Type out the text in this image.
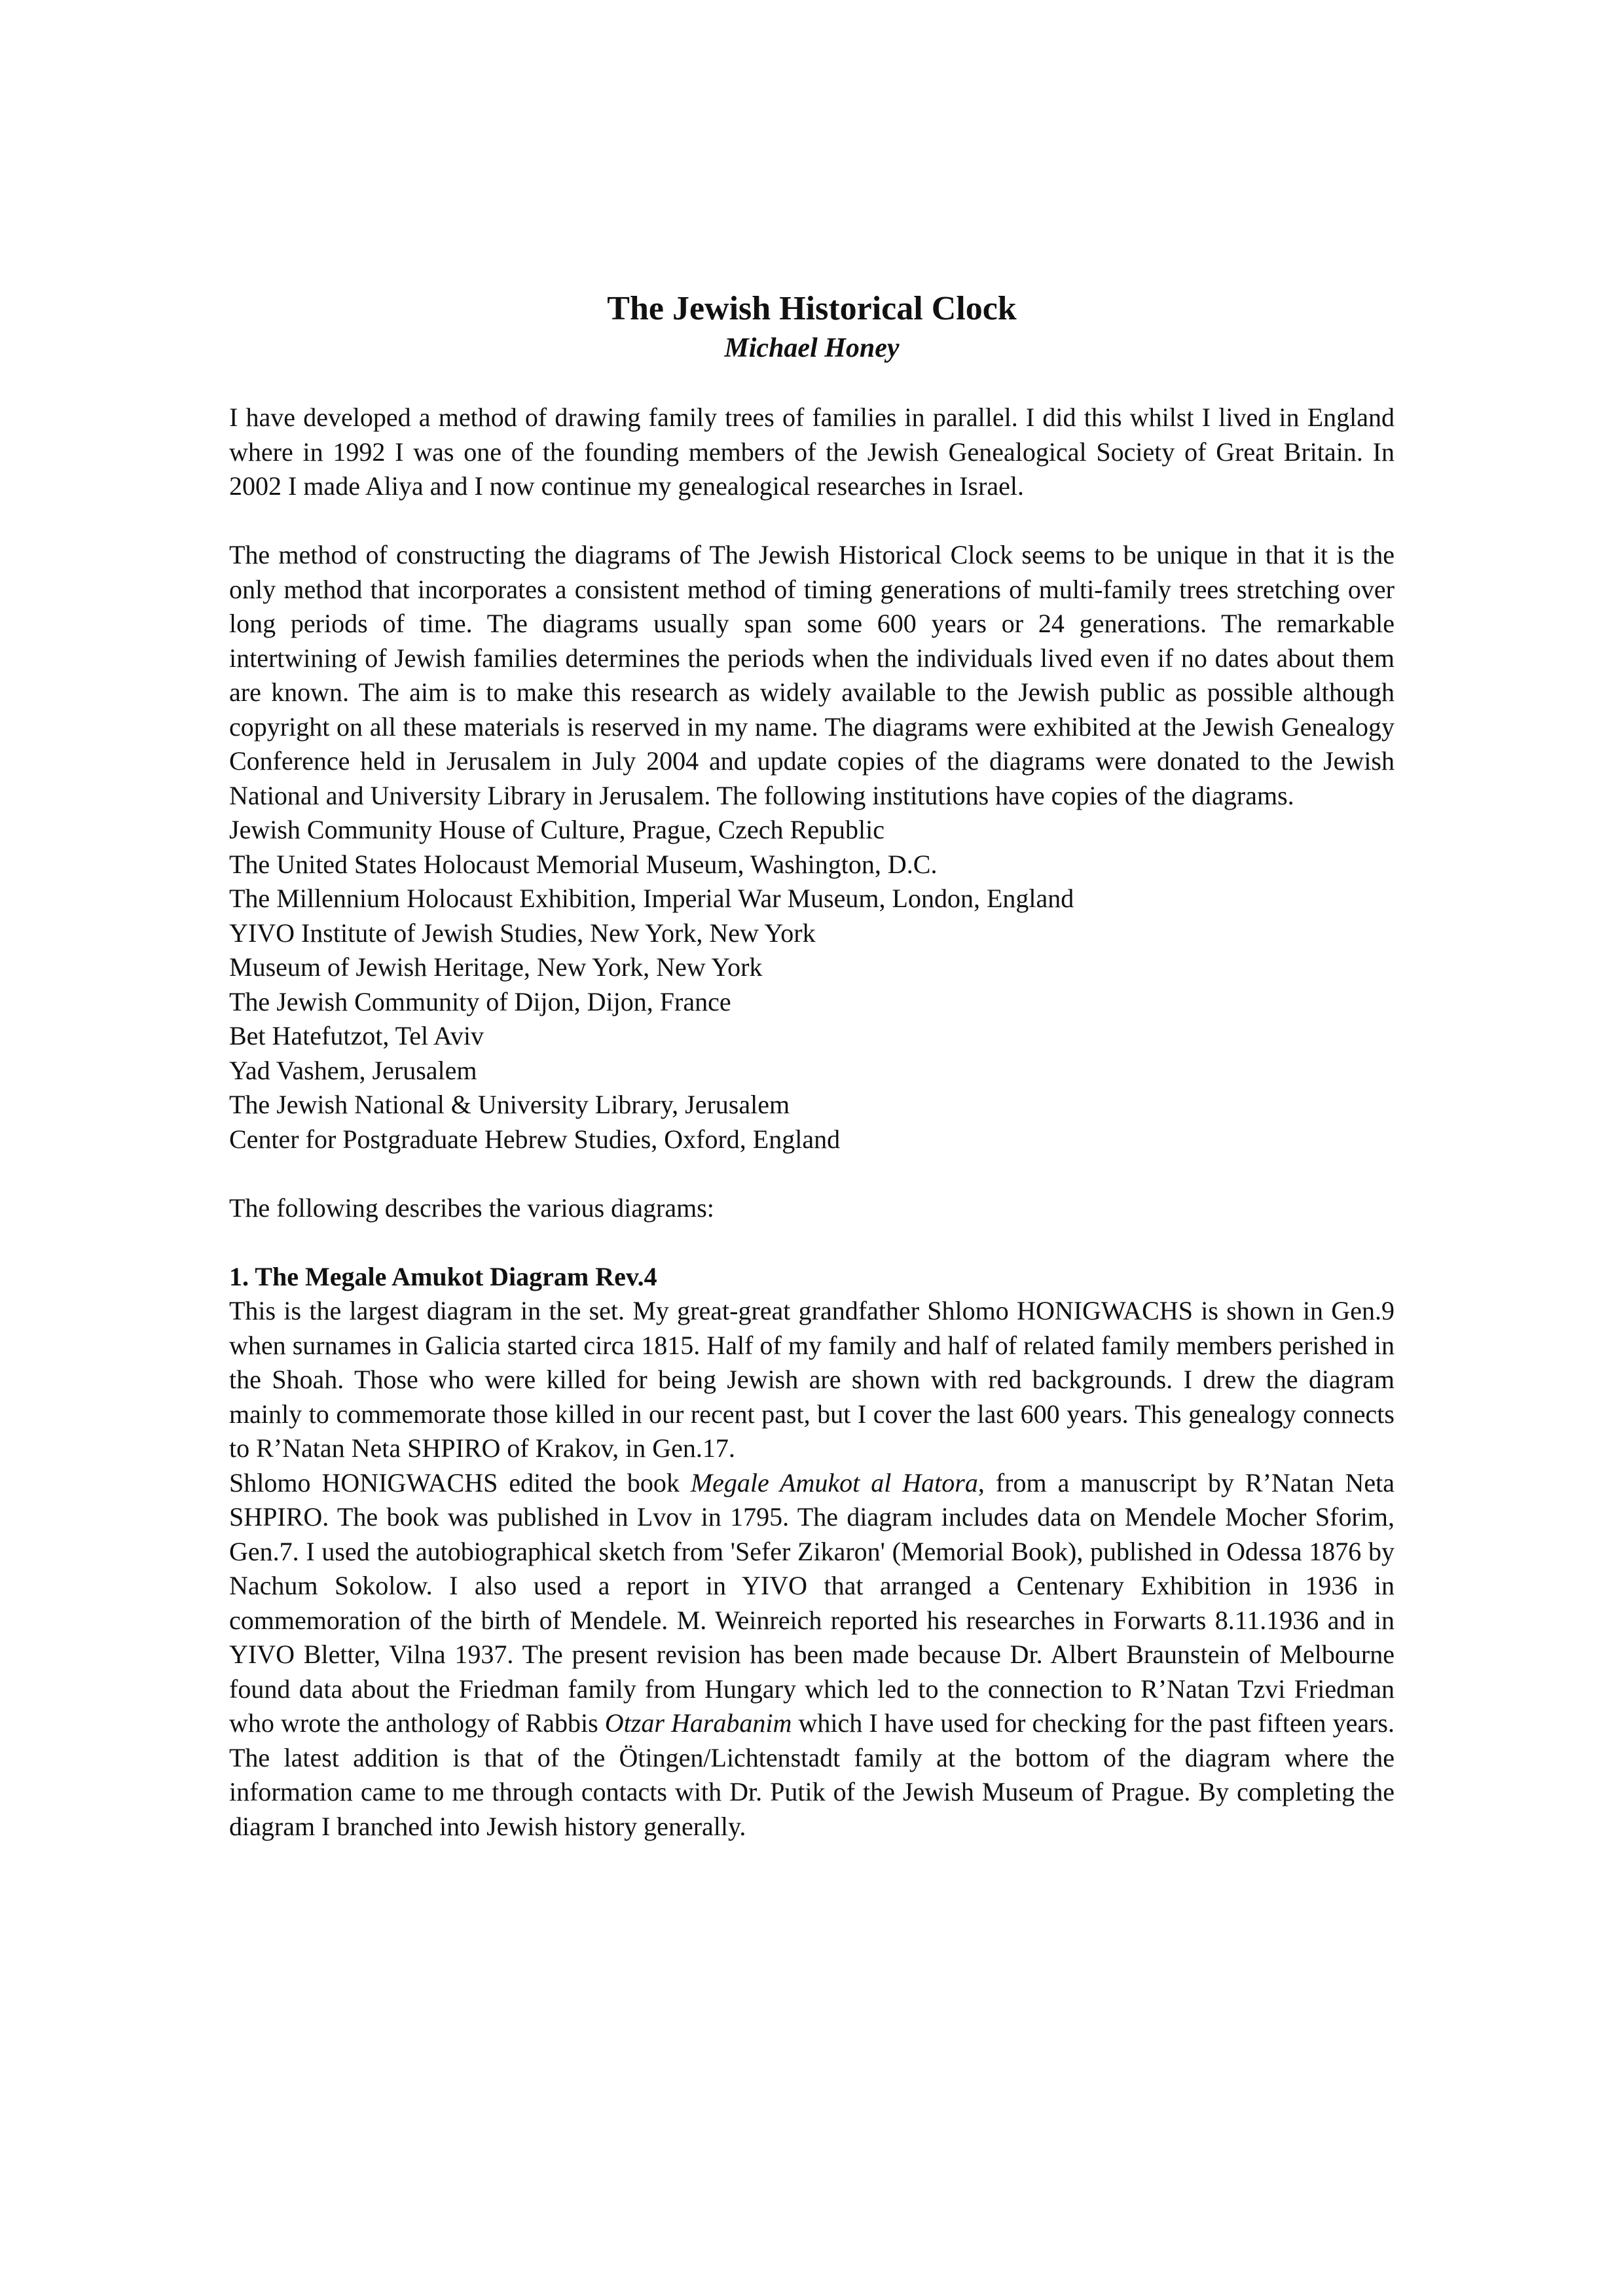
The Jewish Historical Clock

Michael Honey

I have developed a method of drawing family trees of families in parallel. I did this whilst I lived in England where in 1992 I was one of the founding members of the Jewish Genealogical Society of Great Britain. In 2002 I made Aliya and I now continue my genealogical researches in Israel.

The method of constructing the diagrams of The Jewish Historical Clock seems to be unique in that it is the only method that incorporates a consistent method of timing generations of multi-family trees stretching over long periods of time. The diagrams usually span some 600 years or 24 generations. The remarkable intertwining of Jewish families determines the periods when the individuals lived even if no dates about them are known. The aim is to make this research as widely available to the Jewish public as possible although copyright on all these materials is reserved in my name. The diagrams were exhibited at the Jewish Genealogy Conference held in Jerusalem in July 2004 and update copies of the diagrams were donated to the Jewish National and University Library in Jerusalem. The following institutions have copies of the diagrams.

Jewish Community House of Culture, Prague, Czech Republic
The United States Holocaust Memorial Museum, Washington, D.C.
The Millennium Holocaust Exhibition, Imperial War Museum, London, England
YIVO Institute of Jewish Studies, New York, New York
Museum of Jewish Heritage, New York, New York
The Jewish Community of Dijon, Dijon, France
Bet Hatefutzot, Tel Aviv
Yad Vashem, Jerusalem
The Jewish National & University Library, Jerusalem
Center for Postgraduate Hebrew Studies, Oxford, England

The following describes the various diagrams:

1. The Megale Amukot Diagram Rev.4

This is the largest diagram in the set. My great-great grandfather Shlomo HONIGWACHS is shown in Gen.9 when surnames in Galicia started circa 1815. Half of my family and half of related family members perished in the Shoah. Those who were killed for being Jewish are shown with red backgrounds. I drew the diagram mainly to commemorate those killed in our recent past, but I cover the last 600 years. This genealogy connects to R’Natan Neta SHPIRO of Krakov, in Gen.17.

Shlomo HONIGWACHS edited the book Megale Amukot al Hatora, from a manuscript by R’Natan Neta SHPIRO. The book was published in Lvov in 1795. The diagram includes data on Mendele Mocher Sforim, Gen.7. I used the autobiographical sketch from 'Sefer Zikaron' (Memorial Book), published in Odessa 1876 by Nachum Sokolow. I also used a report in YIVO that arranged a Centenary Exhibition in 1936 in commemoration of the birth of Mendele. M. Weinreich reported his researches in Forwarts 8.11.1936 and in YIVO Bletter, Vilna 1937. The present revision has been made because Dr. Albert Braunstein of Melbourne found data about the Friedman family from Hungary which led to the connection to R’Natan Tzvi Friedman who wrote the anthology of Rabbis Otzar Harabanim which I have used for checking for the past fifteen years. The latest addition is that of the Ötingen/Lichtenstadt family at the bottom of the diagram where the information came to me through contacts with Dr. Putik of the Jewish Museum of Prague. By completing the diagram I branched into Jewish history generally.
